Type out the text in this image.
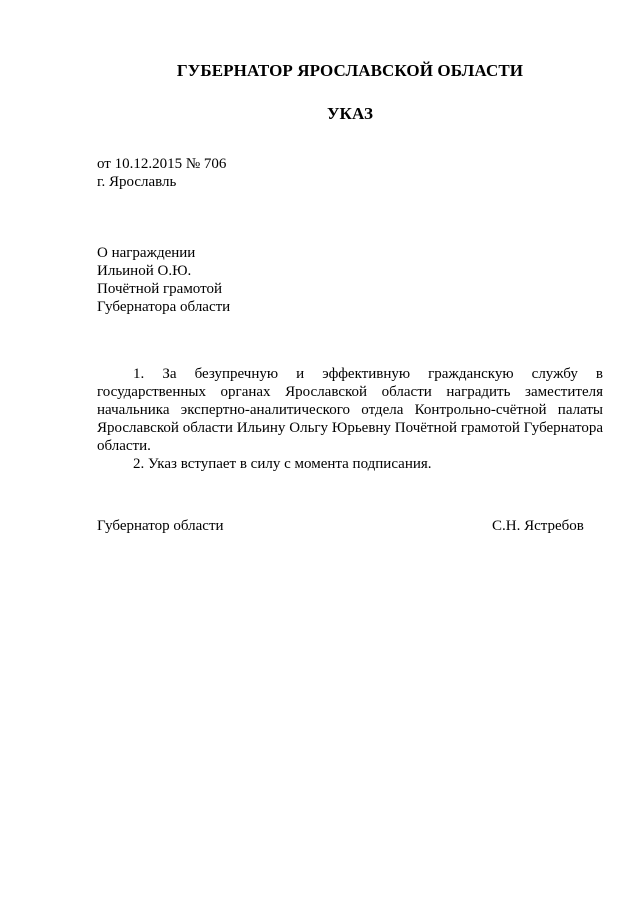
ГУБЕРНАТОР ЯРОСЛАВСКОЙ ОБЛАСТИ
УКАЗ
от 10.12.2015 № 706
г. Ярославль
О награждении
Ильиной О.Ю.
Почётной грамотой
Губернатора области

1. За безупречную и эффективную гражданскую службу в государственных органах Ярославской области наградить заместителя начальника экспертно-аналитического отдела Контрольно-счётной палаты Ярославской области Ильину Ольгу Юрьевну Почётной грамотой Губернатора области.

2. Указ вступает в силу с момента подписания.

Губернатор области	С.Н. Ястребов
